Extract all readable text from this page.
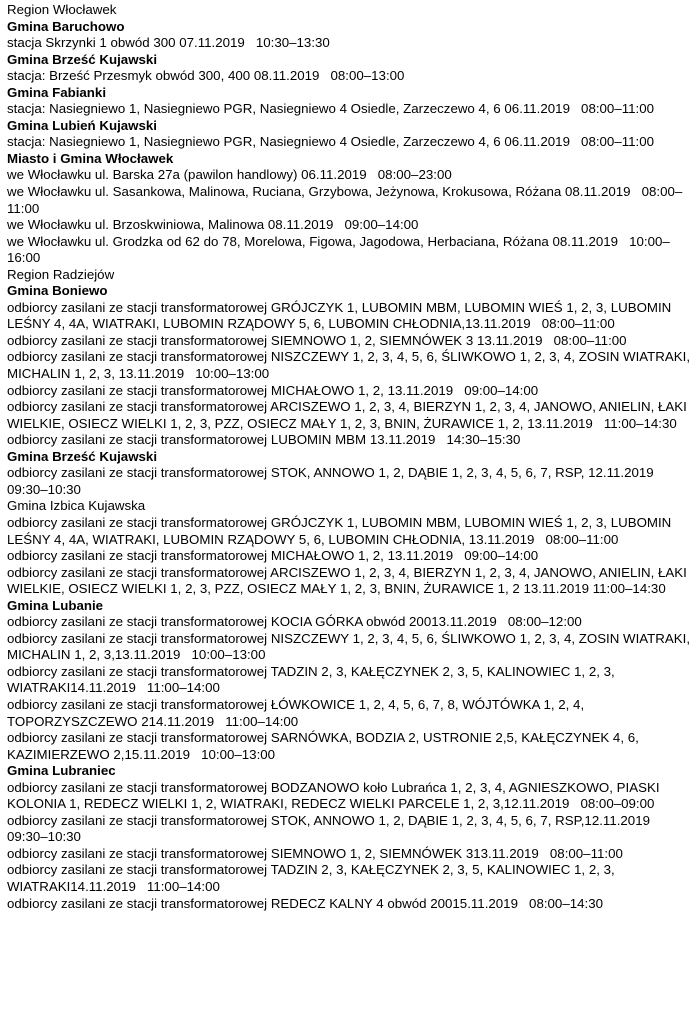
Region Włocławek

Gmina Baruchowo

stacja Skrzynki 1 obwód 300 07.11.2019   10:30–13:30

Gmina Brześć Kujawski

stacja: Brześć Przesmyk obwód 300, 400 08.11.2019   08:00–13:00

Gmina Fabianki

stacja: Nasiegniewo 1, Nasiegniewo PGR, Nasiegniewo 4 Osiedle, Zarzeczewo 4, 6 06.11.2019   08:00–11:00

Gmina Lubień Kujawski

stacja: Nasiegniewo 1, Nasiegniewo PGR, Nasiegniewo 4 Osiedle, Zarzeczewo 4, 6 06.11.2019   08:00–11:00

Miasto i Gmina Włocławek

we Włocławku ul. Barska 27a (pawilon handlowy) 06.11.2019   08:00–23:00

we Włocławku ul. Sasankowa, Malinowa, Ruciana, Grzybowa, Jeżynowa, Krokusowa, Różana 08.11.2019   08:00–11:00

we Włocławku ul. Brzoskwiniowa, Malinowa 08.11.2019   09:00–14:00

we Włocławku ul. Grodzka od 62 do 78, Morelowa, Figowa, Jagodowa, Herbaciana, Różana 08.11.2019   10:00–16:00

Region Radziejów

Gmina Boniewo

odbiorcy zasilani ze stacji transformatorowej GRÓJCZYK 1, LUBOMIN MBM, LUBOMIN WIEŚ 1, 2, 3, LUBOMIN LEŚNY 4, 4A, WIATRAKI, LUBOMIN RZĄDOWY 5, 6, LUBOMIN CHŁODNIA,13.11.2019   08:00–11:00

odbiorcy zasilani ze stacji transformatorowej SIEMNOWO 1, 2, SIEMNÓWEK 3 13.11.2019   08:00–11:00

odbiorcy zasilani ze stacji transformatorowej NISZCZEWY 1, 2, 3, 4, 5, 6, ŚLIWKOWO 1, 2, 3, 4, ZOSIN WIATRAKI, MICHALIN 1, 2, 3, 13.11.2019   10:00–13:00

odbiorcy zasilani ze stacji transformatorowej MICHAŁOWO 1, 2, 13.11.2019   09:00–14:00

odbiorcy zasilani ze stacji transformatorowej ARCISZEWO 1, 2, 3, 4, BIERZYN 1, 2, 3, 4, JANOWO, ANIELIN, ŁAKI WIELKIE, OSIECZ WIELKI 1, 2, 3, PZZ, OSIECZ MAŁY 1, 2, 3, BNIN, ŻURAWICE 1, 2, 13.11.2019   11:00–14:30

odbiorcy zasilani ze stacji transformatorowej LUBOMIN MBM 13.11.2019   14:30–15:30

Gmina Brześć Kujawski

odbiorcy zasilani ze stacji transformatorowej STOK, ANNOWO 1, 2, DĄBIE 1, 2, 3, 4, 5, 6, 7, RSP, 12.11.2019   09:30–10:30

Gmina Izbica Kujawska

odbiorcy zasilani ze stacji transformatorowej GRÓJCZYK 1, LUBOMIN MBM, LUBOMIN WIEŚ 1, 2, 3, LUBOMIN LEŚNY 4, 4A, WIATRAKI, LUBOMIN RZĄDOWY 5, 6, LUBOMIN CHŁODNIA, 13.11.2019   08:00–11:00

odbiorcy zasilani ze stacji transformatorowej MICHAŁOWO 1, 2, 13.11.2019   09:00–14:00

odbiorcy zasilani ze stacji transformatorowej ARCISZEWO 1, 2, 3, 4, BIERZYN 1, 2, 3, 4, JANOWO, ANIELIN, ŁAKI WIELKIE, OSIECZ WIELKI 1, 2, 3, PZZ, OSIECZ MAŁY 1, 2, 3, BNIN, ŻURAWICE 1, 2 13.11.2019 11:00–14:30

Gmina Lubanie

odbiorcy zasilani ze stacji transformatorowej KOCIA GÓRKA obwód 20013.11.2019   08:00–12:00

odbiorcy zasilani ze stacji transformatorowej NISZCZEWY 1, 2, 3, 4, 5, 6, ŚLIWKOWO 1, 2, 3, 4, ZOSIN WIATRAKI, MICHALIN 1, 2, 3,13.11.2019   10:00–13:00

odbiorcy zasilani ze stacji transformatorowej TADZIN 2, 3, KAŁĘCZYNEK 2, 3, 5, KALINOWIEC 1, 2, 3, WIATRAKI14.11.2019   11:00–14:00

odbiorcy zasilani ze stacji transformatorowej ŁÓWKOWICE 1, 2, 4, 5, 6, 7, 8, WÓJTÓWKA 1, 2, 4, TOPORZYSZCZEWO 214.11.2019   11:00–14:00

odbiorcy zasilani ze stacji transformatorowej SARNÓWKA, BODZIA 2, USTRONIE 2,5, KAŁĘCZYNEK 4, 6, KAZIMIERZEWO 2,15.11.2019   10:00–13:00

Gmina Lubraniec

odbiorcy zasilani ze stacji transformatorowej BODZANOWO koło Lubrańca 1, 2, 3, 4, AGNIESZKOWO, PIASKI KOLONIA 1, REDECZ WIELKI 1, 2, WIATRAKI, REDECZ WIELKI PARCELE 1, 2, 3,12.11.2019   08:00–09:00

odbiorcy zasilani ze stacji transformatorowej STOK, ANNOWO 1, 2, DĄBIE 1, 2, 3, 4, 5, 6, 7, RSP,12.11.2019   09:30–10:30

odbiorcy zasilani ze stacji transformatorowej SIEMNOWO 1, 2, SIEMNÓWEK 313.11.2019   08:00–11:00

odbiorcy zasilani ze stacji transformatorowej TADZIN 2, 3, KAŁĘCZYNEK 2, 3, 5, KALINOWIEC 1, 2, 3, WIATRAKI14.11.2019   11:00–14:00

odbiorcy zasilani ze stacji transformatorowej REDECZ KALNY 4 obwód 20015.11.2019   08:00–14:30
